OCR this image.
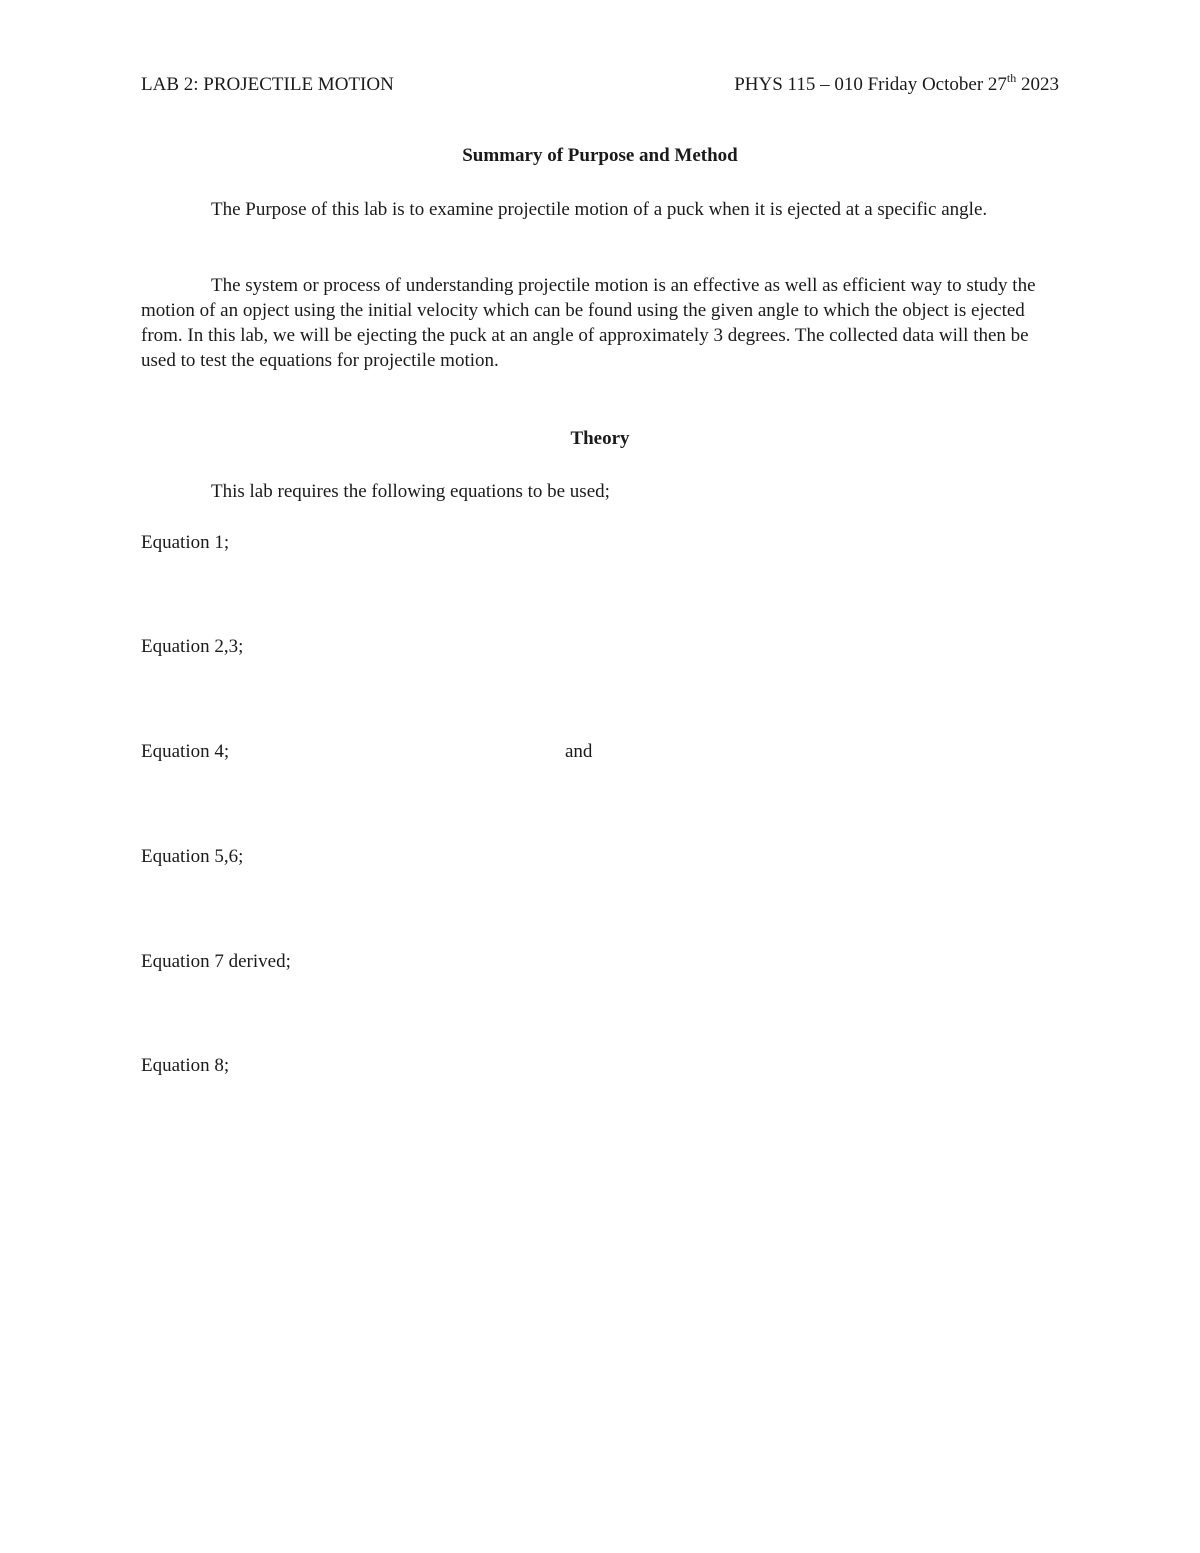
LAB 2: PROJECTILE MOTION	PHYS 115 – 010 Friday October 27th 2023
Summary of Purpose and Method
The Purpose of this lab is to examine projectile motion of a puck when it is ejected at a specific angle.
The system or process of understanding projectile motion is an effective as well as efficient way to study the motion of an opject using the initial velocity which can be found using the given angle to which the object is ejected from. In this lab, we will be ejecting the puck at an angle of approximately 3 degrees. The collected data will then be used to test the equations for projectile motion.
Theory
This lab requires the following equations to be used;
Equation 1;
Equation 2,3;
Equation 4;	and
Equation 5,6;
Equation 7 derived;
Equation 8;
